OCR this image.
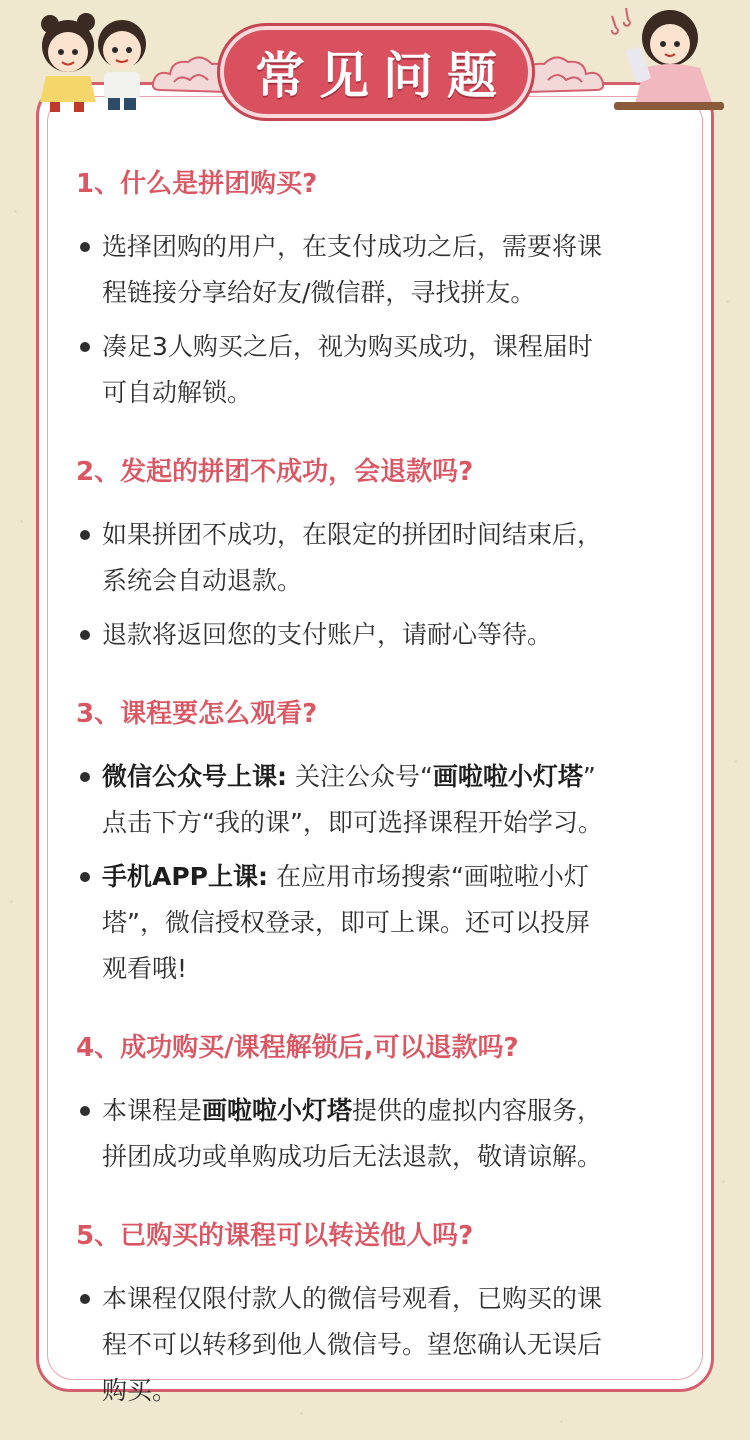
常见问题
1、什么是拼团购买?
选择团购的用户，在支付成功之后，需要将课
程链接分享给好友/微信群，寻找拼友。
凑足3人购买之后，视为购买成功，课程届时
可自动解锁。
2、发起的拼团不成功，会退款吗?
如果拼团不成功，在限定的拼团时间结束后，
系统会自动退款。
退款将返回您的支付账户，请耐心等待。
3、课程要怎么观看?
微信公众号上课: 关注公众号“画啦啦小灯塔”
点击下方“我的课”，即可选择课程开始学习。
手机APP上课: 在应用市场搜索“画啦啦小灯
塔”，微信授权登录，即可上课。还可以投屏
观看哦!
4、成功购买/课程解锁后,可以退款吗?
本课程是画啦啦小灯塔提供的虚拟内容服务，
拼团成功或单购成功后无法退款，敬请谅解。
5、已购买的课程可以转送他人吗?
本课程仅限付款人的微信号观看，已购买的课
程不可以转移到他人微信号。望您确认无误后
购买。
